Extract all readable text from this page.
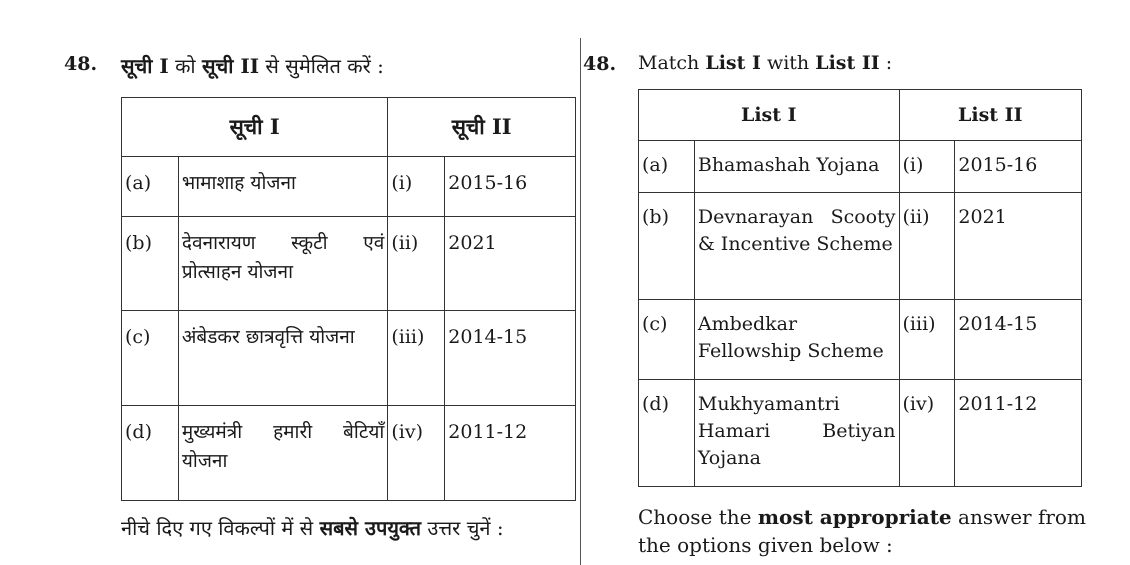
48. सूची I को सूची II से सुमेलित करें :
सूची I		सूची II	

(a)	भामाशाह योजना	(i)	2015-16

(b)	देवनारायण स्कूटी एवं प्रोत्साहन योजना	(ii)	2021

(c)	अंबेडकर छात्रवृत्ति योजना	(iii)	2014-15

(d)	मुख्यमंत्री हमारी बेटियाँ योजना	(iv)	2011-12
नीचे दिए गए विकल्पों में से सबसे उपयुक्त उत्तर चुनें :
48. Match List I with List II :
List I		List II	

(a)	Bhamashah Yojana	(i)	2015-16

(b)	Devnarayan Scooty & Incentive Scheme	(ii)	2021

(c)	Ambedkar Fellowship Scheme	(iii)	2014-15

(d)	Mukhyamantri Hamari Betiyan Yojana	(iv)	2011-12
Choose the most appropriate answer from the options given below :
